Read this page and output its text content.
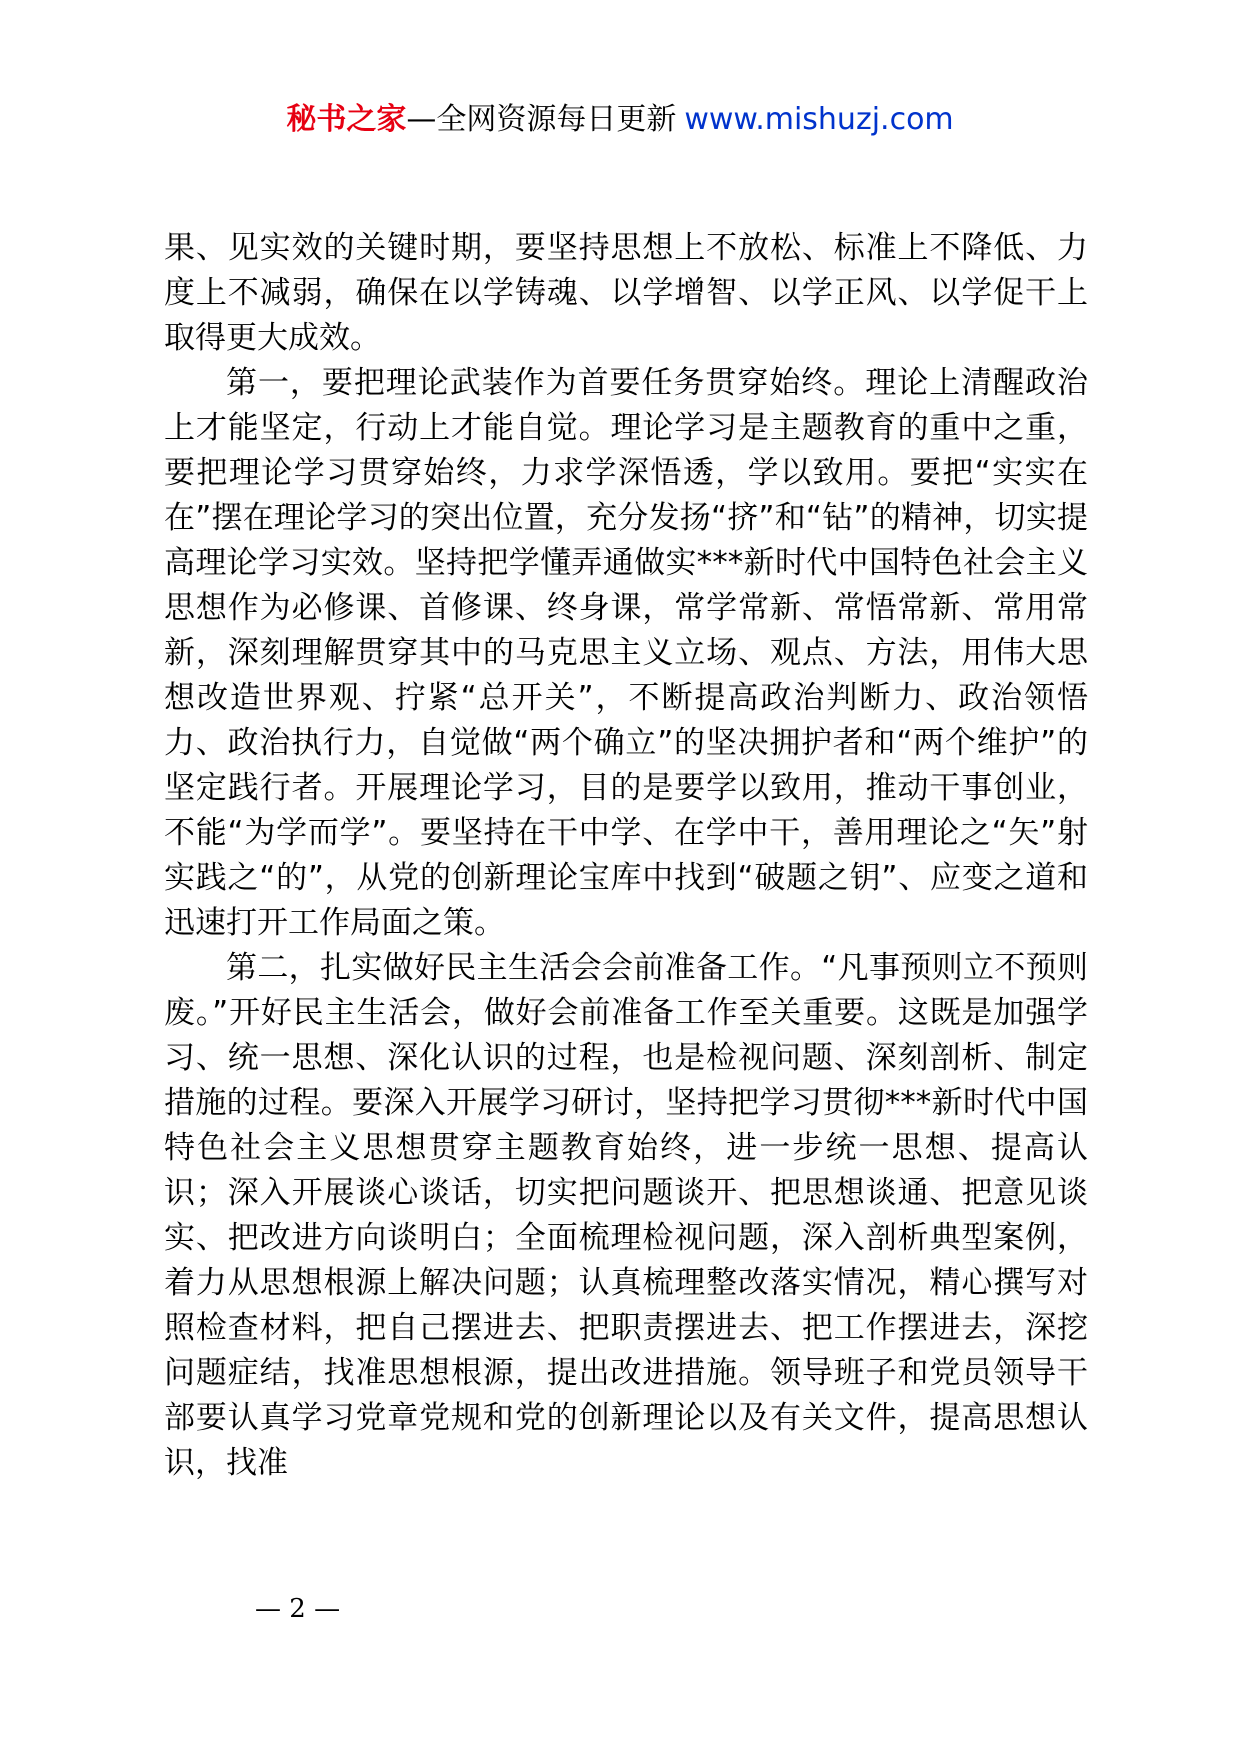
秘书之家—全网资源每日更新 www.mishuzj.com

果、见实效的关键时期，要坚持思想上不放松、标准上不降低、力度上不减弱，确保在以学铸魂、以学增智、以学正风、以学促干上取得更大成效。

第一，要把理论武装作为首要任务贯穿始终。理论上清醒政治上才能坚定，行动上才能自觉。理论学习是主题教育的重中之重，要把理论学习贯穿始终，力求学深悟透，学以致用。要把“实实在在”摆在理论学习的突出位置，充分发扬“挤”和“钻”的精神，切实提高理论学习实效。坚持把学懂弄通做实***新时代中国特色社会主义思想作为必修课、首修课、终身课，常学常新、常悟常新、常用常新，深刻理解贯穿其中的马克思主义立场、观点、方法，用伟大思想改造世界观、拧紧“总开关”，不断提高政治判断力、政治领悟力、政治执行力，自觉做“两个确立”的坚决拥护者和“两个维护”的坚定践行者。开展理论学习，目的是要学以致用，推动干事创业，不能“为学而学”。要坚持在干中学、在学中干，善用理论之“矢”射实践之“的”，从党的创新理论宝库中找到“破题之钥”、应变之道和迅速打开工作局面之策。

第二，扎实做好民主生活会会前准备工作。“凡事预则立不预则废。”开好民主生活会，做好会前准备工作至关重要。这既是加强学习、统一思想、深化认识的过程，也是检视问题、深刻剖析、制定措施的过程。要深入开展学习研讨，坚持把学习贯彻***新时代中国特色社会主义思想贯穿主题教育始终，进一步统一思想、提高认识；深入开展谈心谈话，切实把问题谈开、把思想谈通、把意见谈实、把改进方向谈明白；全面梳理检视问题，深入剖析典型案例，着力从思想根源上解决问题；认真梳理整改落实情况，精心撰写对照检查材料，把自己摆进去、把职责摆进去、把工作摆进去，深挖问题症结，找准思想根源，提出改进措施。领导班子和党员领导干部要认真学习党章党规和党的创新理论以及有关文件，提高思想认识，找准

— 2 —
